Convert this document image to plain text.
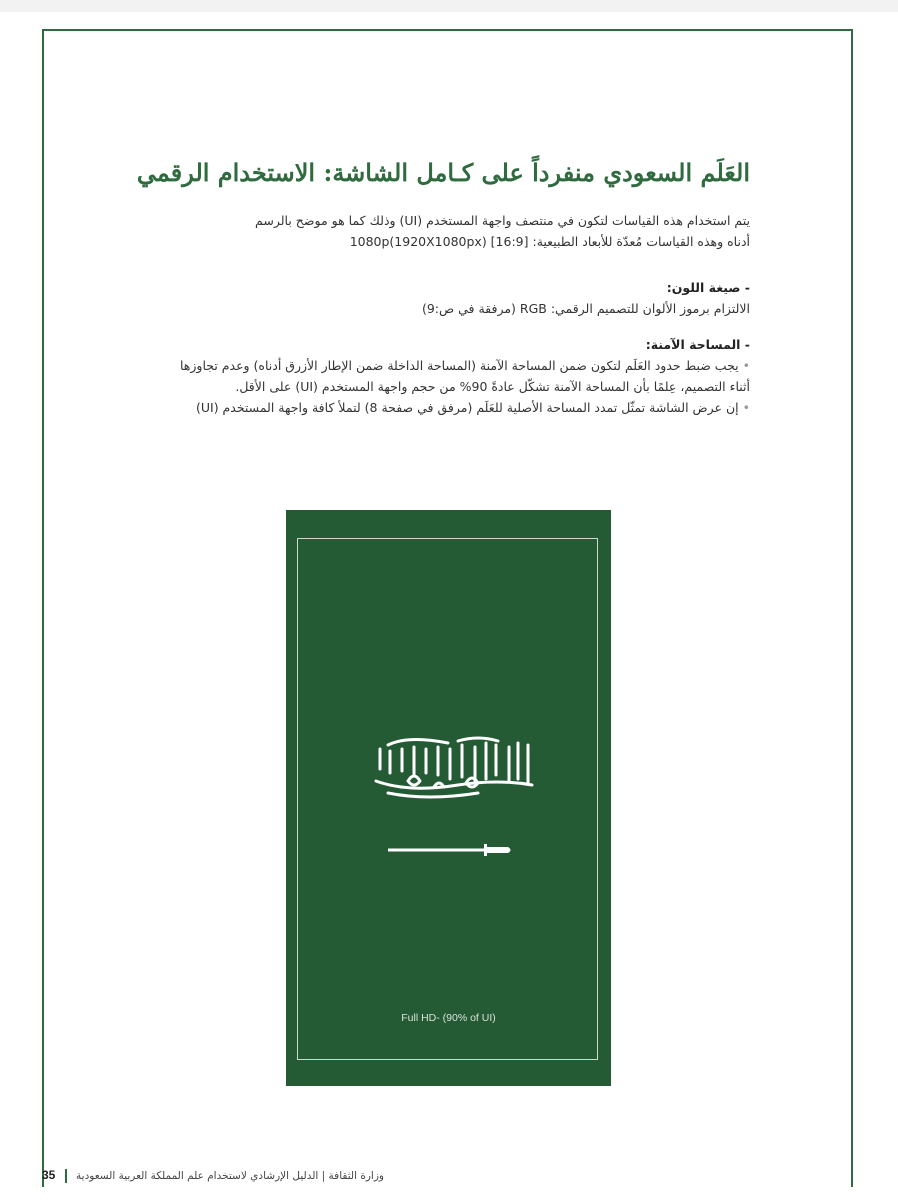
العَلَم السعودي منفرداً على كـامل الشاشة: الاستخدام الرقمي
يتم استخدام هذه القياسات لتكون في منتصف واجهة المستخدم (UI) وذلك كما هو موضح بالرسم
أدناه وهذه القياسات مُعدّة للأبعاد الطبيعية: 1080p(1920X1080px) [16:9]
- صيغة اللون:
الالتزام برموز الألوان للتصميم الرقمي: RGB (مرفقة في ص:9)
- المساحة الآمنة:
•يجب ضبط حدود العَلَم لتكون ضمن المساحة الآمنة (المساحة الداخلة ضمن الإطار الأزرق أدناه) وعدم تجاوزها
أثناء التصميم، عِلمًا بأن المساحة الآمنة تشكّل عادةً 90% من حجم واجهة المستخدم (UI) على الأقل.
•إن عرض الشاشة تمثّل تمدد المساحة الأصلية للعَلَم (مرفق في صفحة 8) لتملأ كافة واجهة المستخدم (UI)
Full HD- (90% of UI)
35 وزارة الثقافة | الدليل الإرشادي لاستخدام علم المملكة العربية السعودية
